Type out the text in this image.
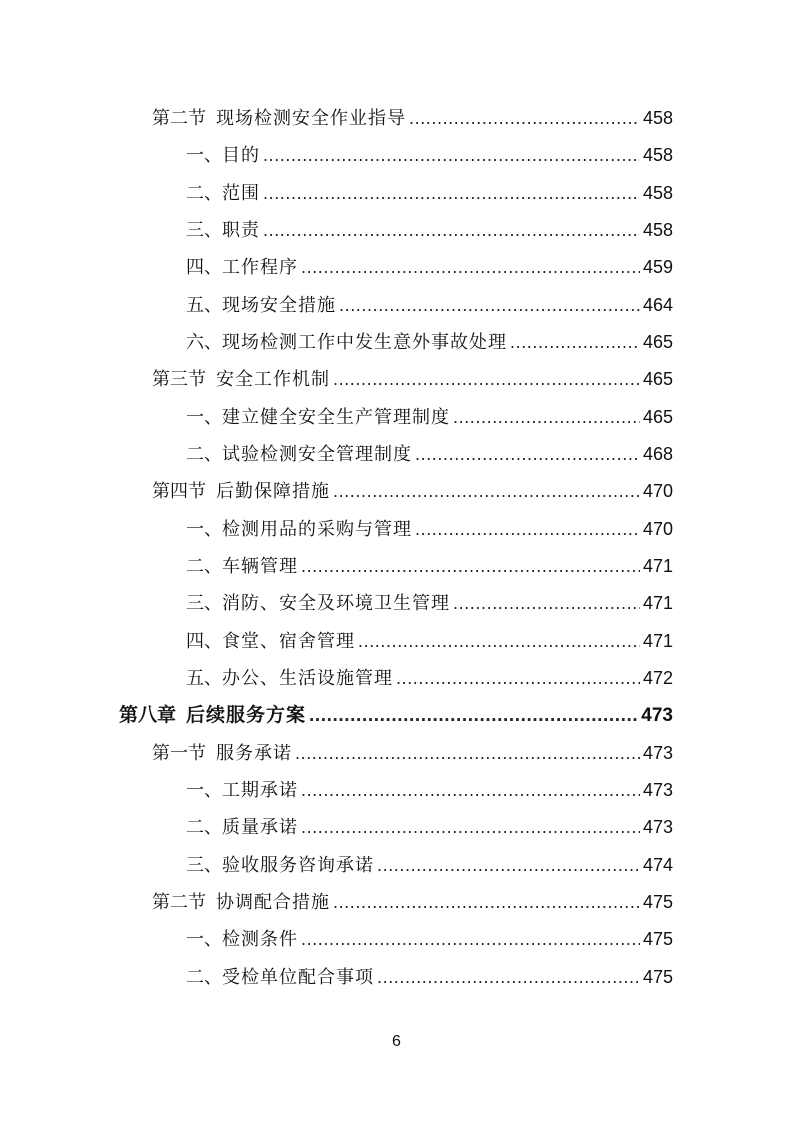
第二节 现场检测安全作业指导 .....	458
一、 目的 .....	458
二、 范围 .....	458
三、 职责 .....	458
四、 工作程序 .....	459
五、 现场安全措施 .....	464
六、 现场检测工作中发生意外事故处理 .....	465
第三节 安全工作机制 .....	465
一、 建立健全安全生产管理制度 .....	465
二、 试验检测安全管理制度 .....	468
第四节 后勤保障措施 .....	470
一、 检测用品的采购与管理 .....	470
二、 车辆管理 .....	471
三、 消防、安全及环境卫生管理 .....	471
四、 食堂、宿舍管理 .....	471
五、 办公、生活设施管理 .....	472
第八章 后续服务方案 .....	473
第一节 服务承诺 .....	473
一、 工期承诺 .....	473
二、 质量承诺 .....	473
三、 验收服务咨询承诺 .....	474
第二节 协调配合措施 .....	475
一、 检测条件 .....	475
二、 受检单位配合事项 .....	475
6
